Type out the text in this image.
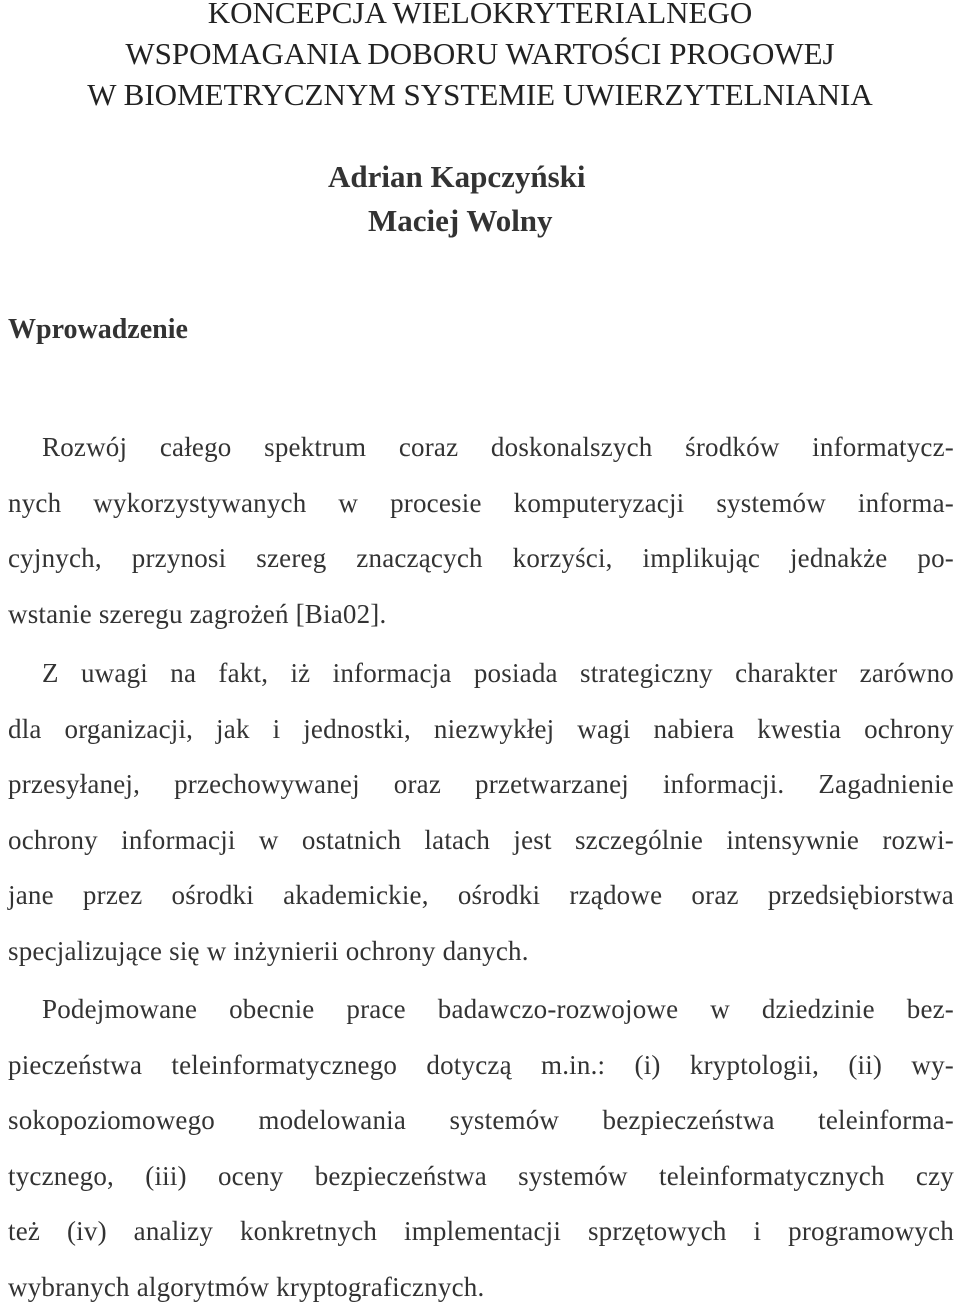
KONCEPCJA WIELOKRYTERIALNEGO
WSPOMAGANIA DOBORU WARTOŚCI PROGOWEJ
W BIOMETRYCZNYM SYSTEMIE UWIERZYTELNIANIA
Adrian Kapczyński
Maciej Wolny
Wprowadzenie
Rozwój całego spektrum coraz doskonalszych środków informatycz-
nych wykorzystywanych w procesie komputeryzacji systemów informa-
cyjnych, przynosi szereg znaczących korzyści, implikując jednakże po-
wstanie szeregu zagrożeń [Bia02].
Z uwagi na fakt, iż informacja posiada strategiczny charakter zarówno
dla organizacji, jak i jednostki, niezwykłej wagi nabiera kwestia ochrony
przesyłanej, przechowywanej oraz przetwarzanej informacji. Zagadnienie
ochrony informacji w ostatnich latach jest szczególnie intensywnie rozwi-
jane przez ośrodki akademickie, ośrodki rządowe oraz przedsiębiorstwa
specjalizujące się w inżynierii ochrony danych.
Podejmowane obecnie prace badawczo-rozwojowe w dziedzinie bez-
pieczeństwa teleinformatycznego dotyczą m.in.: (i) kryptologii, (ii) wy-
sokopoziomowego modelowania systemów bezpieczeństwa teleinforma-
tycznego, (iii) oceny bezpieczeństwa systemów teleinformatycznych czy
też (iv) analizy konkretnych implementacji sprzętowych i programowych
wybranych algorytmów kryptograficznych.
